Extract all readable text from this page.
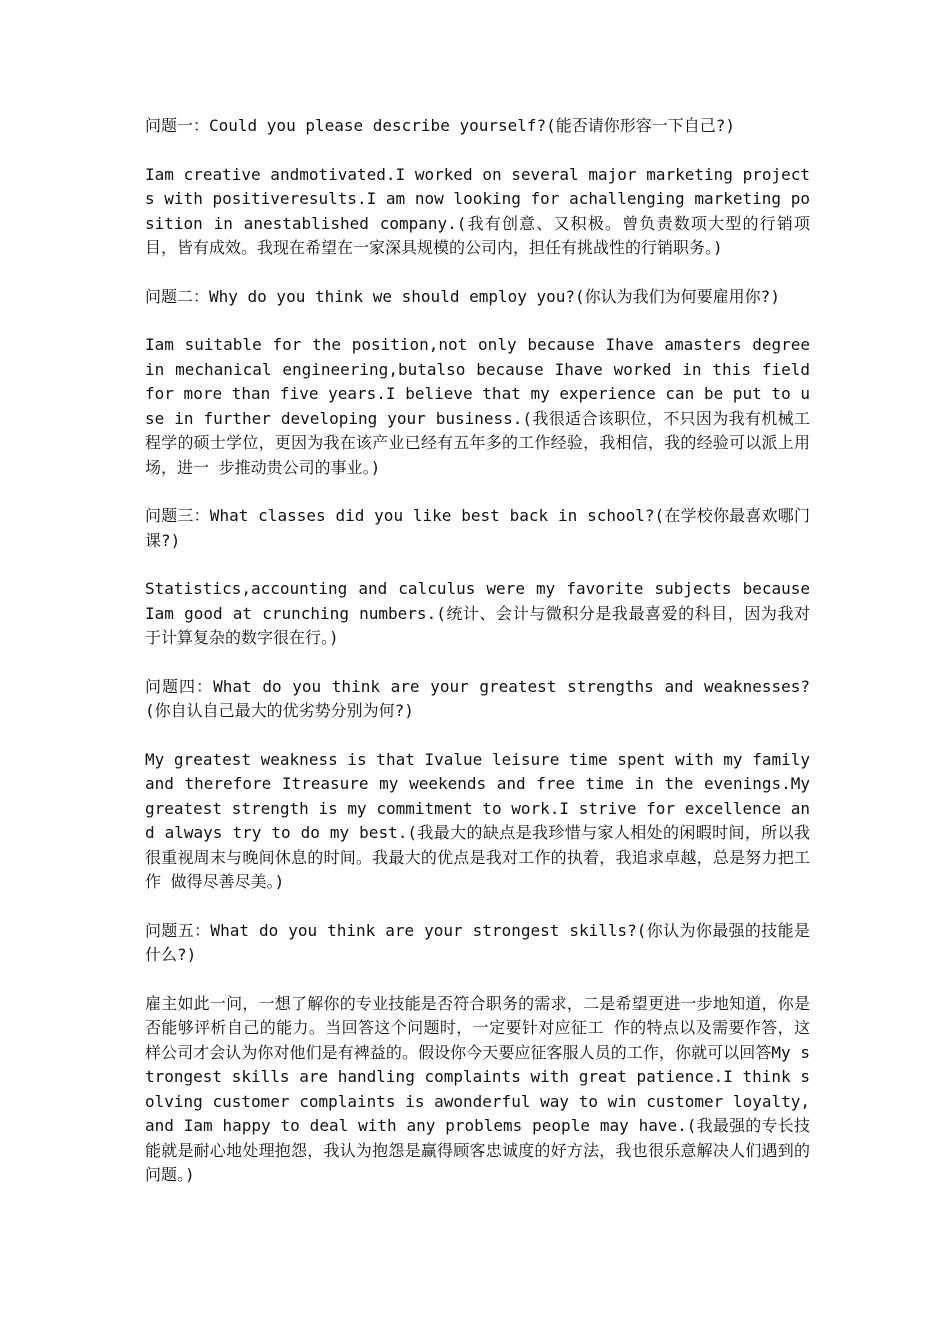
问题一：Could you please describe yourself?(能否请你形容一下自己?)

Iam creative andmotivated.I worked on several major marketing projects with positiveresults.I am now looking for achallenging marketing position in anestablished company.(我有创意、又积极。曾负责数项大型的行销项目，皆有成效。我现在希望在一家深具规模的公司内，担任有挑战性的行销职务。)

问题二：Why do you think we should employ you?(你认为我们为何要雇用你?)

Iam suitable for the position,not only because Ihave amasters degree in mechanical engineering,butalso because Ihave worked in this field for more than five years.I believe that my experience can be put to use in further developing your business.(我很适合该职位，不只因为我有机械工程学的硕士学位，更因为我在该产业已经有五年多的工作经验，我相信，我的经验可以派上用场，进一 步推动贵公司的事业。)

问题三：What classes did you like best back in school?(在学校你最喜欢哪门课?)

Statistics,accounting and calculus were my favorite subjects because Iam good at crunching numbers.(统计、会计与微积分是我最喜爱的科目，因为我对于计算复杂的数字很在行。)

问题四：What do you think are your greatest strengths and weaknesses?(你自认自己最大的优劣势分别为何?)

My greatest weakness is that Ivalue leisure time spent with my family and therefore Itreasure my weekends and free time in the evenings.My greatest strength is my commitment to work.I strive for excellence and always try to do my best.(我最大的缺点是我珍惜与家人相处的闲暇时间，所以我很重视周末与晚间休息的时间。我最大的优点是我对工作的执着，我追求卓越，总是努力把工作 做得尽善尽美。)

问题五：What do you think are your strongest skills?(你认为你最强的技能是什么?)

雇主如此一问，一想了解你的专业技能是否符合职务的需求，二是希望更进一步地知道，你是否能够评析自己的能力。当回答这个问题时，一定要针对应征工 作的特点以及需要作答，这样公司才会认为你对他们是有裨益的。假设你今天要应征客服人员的工作，你就可以回答My strongest skills are handling complaints with great patience.I think solving customer complaints is awonderful way to win customer loyalty,and Iam happy to deal with any problems people may have.(我最强的专长技能就是耐心地处理抱怨，我认为抱怨是赢得顾客忠诚度的好方法，我也很乐意解决人们遇到的问题。)
